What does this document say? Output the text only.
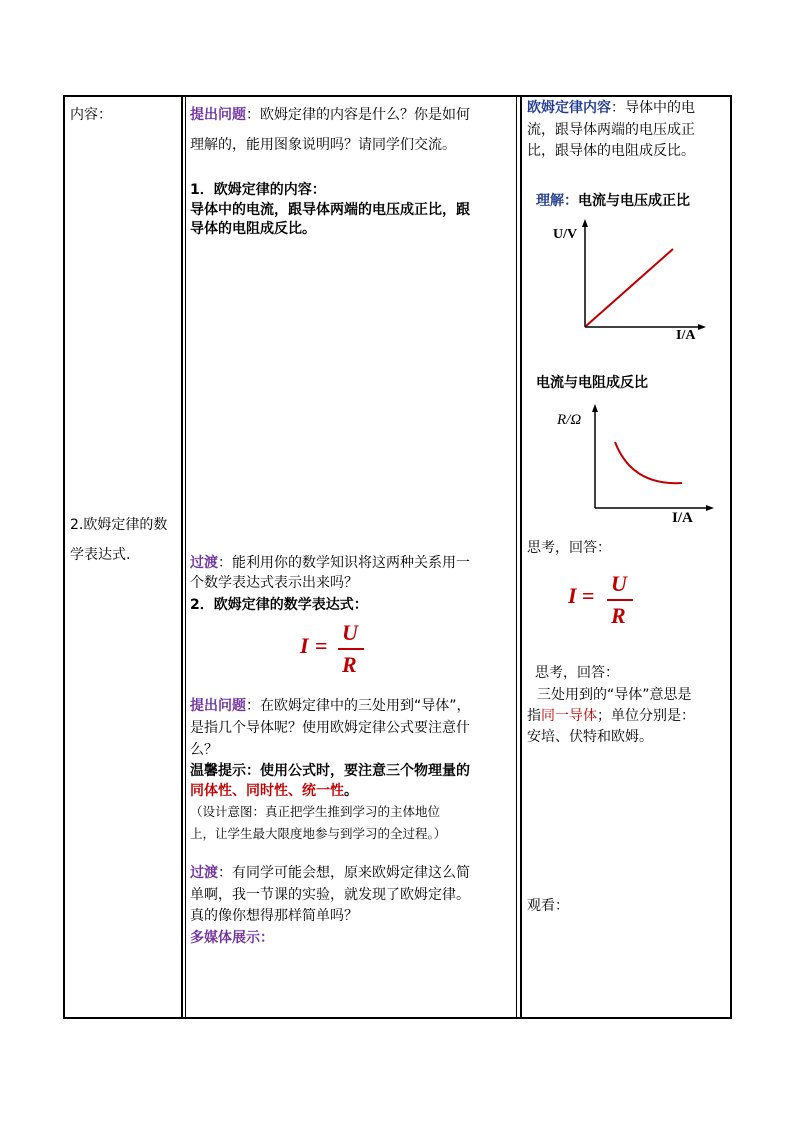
内容：
2.欧姆定律的数
学表达式.
提出问题：欧姆定律的内容是什么？你是如何
理解的，能用图象说明吗？请同学们交流。
1．欧姆定律的内容：
导体中的电流，跟导体两端的电压成正比，跟
导体的电阻成反比。
过渡：能利用你的数学知识将这两种关系用一
个数学表达式表示出来吗？
2．欧姆定律的数学表达式：
I =
U
R
提出问题：在欧姆定律中的三处用到“导体”，
是指几个导体呢？使用欧姆定律公式要注意什
么？
温馨提示：使用公式时，要注意三个物理量的
同体性、同时性、统一性。
（设计意图：真正把学生推到学习的主体地位
上，让学生最大限度地参与到学习的全过程。）
过渡：有同学可能会想，原来欧姆定律这么简
单啊，我一节课的实验，就发现了欧姆定律。
真的像你想得那样简单吗？
多媒体展示：
欧姆定律内容：导体中的电
流，跟导体两端的电压成正
比，跟导体的电阻成反比。
理解：电流与电压成正比
U/V
I/A
电流与电阻成反比
R/Ω
I/A
思考，回答：
I = U
R
思考，回答：
三处用到的“导体”意思是
指同一导体；单位分别是：
安培、伏特和欧姆。
观看：
